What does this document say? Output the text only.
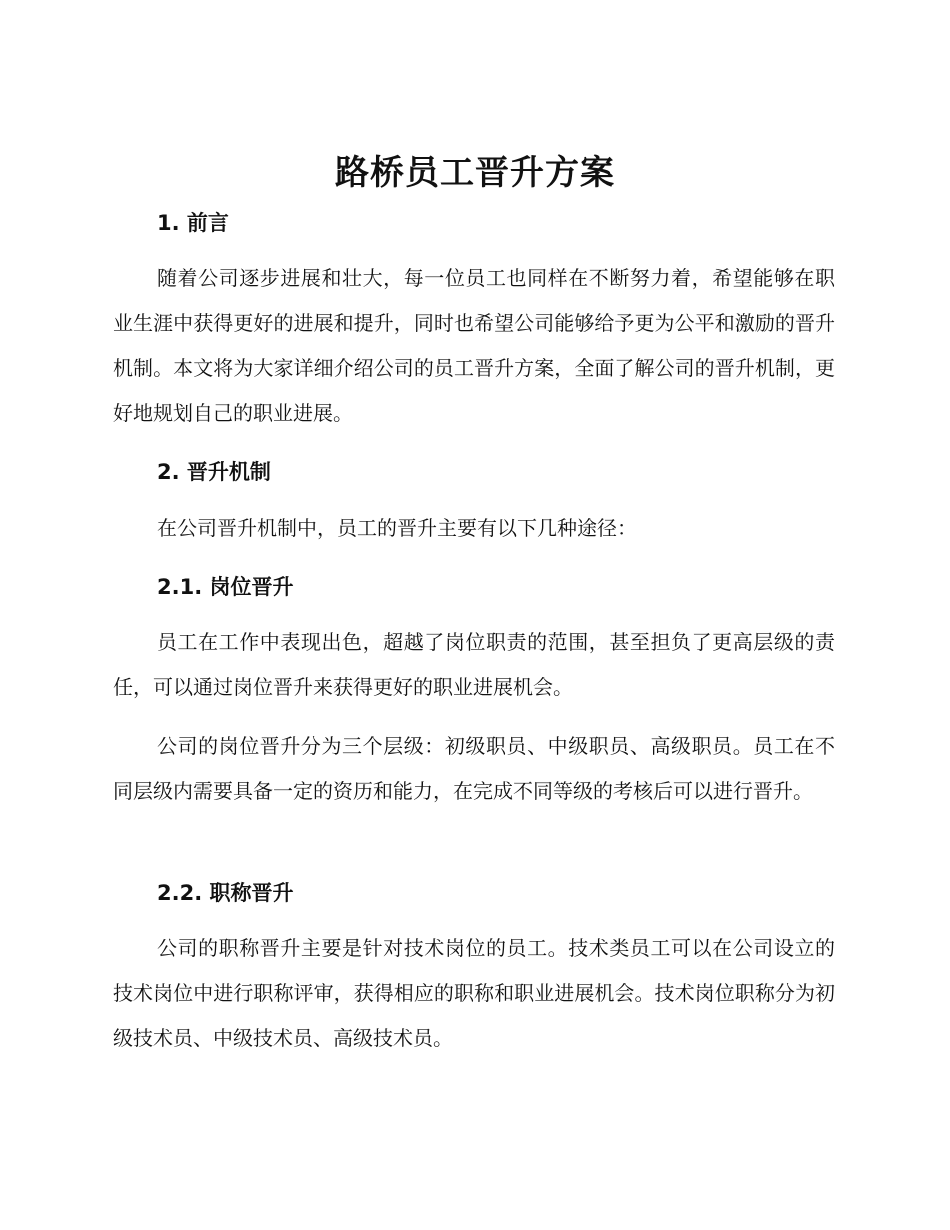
路桥员工晋升方案
1. 前言

随着公司逐步进展和壮大，每一位员工也同样在不断努力着，希望能够在职业生涯中获得更好的进展和提升，同时也希望公司能够给予更为公平和激励的晋升机制。本文将为大家详细介绍公司的员工晋升方案，全面了解公司的晋升机制，更好地规划自己的职业进展。

2. 晋升机制

在公司晋升机制中，员工的晋升主要有以下几种途径：

2.1. 岗位晋升

员工在工作中表现出色，超越了岗位职责的范围，甚至担负了更高层级的责任，可以通过岗位晋升来获得更好的职业进展机会。

公司的岗位晋升分为三个层级：初级职员、中级职员、高级职员。员工在不同层级内需要具备一定的资历和能力，在完成不同等级的考核后可以进行晋升。

2.2. 职称晋升

公司的职称晋升主要是针对技术岗位的员工。技术类员工可以在公司设立的技术岗位中进行职称评审，获得相应的职称和职业进展机会。技术岗位职称分为初级技术员、中级技术员、高级技术员。
